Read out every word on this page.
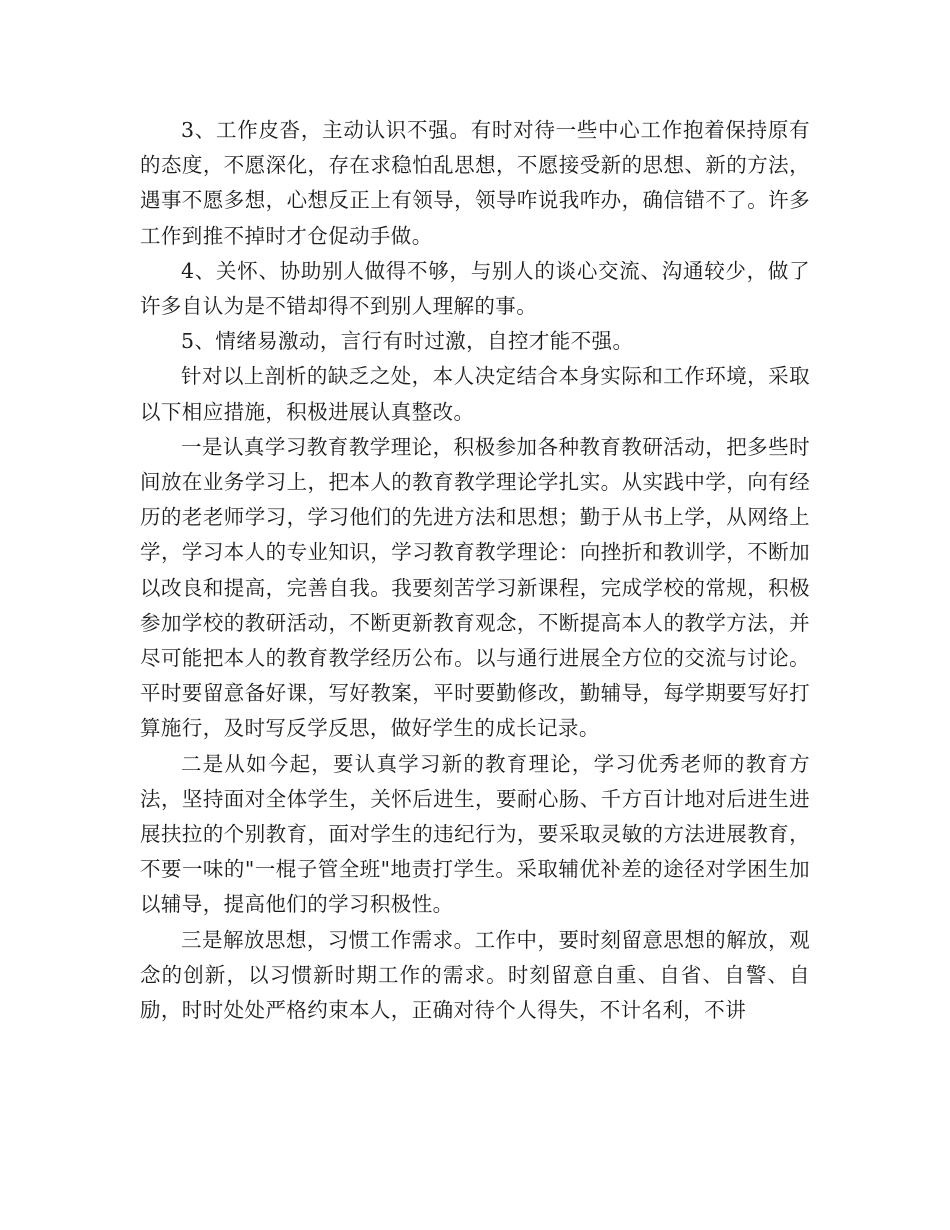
3、工作皮沓，主动认识不强。有时对待一些中心工作抱着保持原有的态度，不愿深化，存在求稳怕乱思想，不愿接受新的思想、新的方法，遇事不愿多想，心想反正上有领导，领导咋说我咋办，确信错不了。许多工作到推不掉时才仓促动手做。

4、关怀、协助别人做得不够，与别人的谈心交流、沟通较少，做了许多自认为是不错却得不到别人理解的事。

5、情绪易激动，言行有时过激，自控才能不强。

针对以上剖析的缺乏之处，本人决定结合本身实际和工作环境，采取以下相应措施，积极进展认真整改。

一是认真学习教育教学理论，积极参加各种教育教研活动，把多些时间放在业务学习上，把本人的教育教学理论学扎实。从实践中学，向有经历的老老师学习，学习他们的先进方法和思想；勤于从书上学，从网络上学，学习本人的专业知识，学习教育教学理论：向挫折和教训学，不断加以改良和提高，完善自我。我要刻苦学习新课程，完成学校的常规，积极参加学校的教研活动，不断更新教育观念，不断提高本人的教学方法，并尽可能把本人的教育教学经历公布。以与通行进展全方位的交流与讨论。平时要留意备好课，写好教案，平时要勤修改，勤辅导，每学期要写好打算施行，及时写反学反思，做好学生的成长记录。

二是从如今起，要认真学习新的教育理论，学习优秀老师的教育方法，坚持面对全体学生，关怀后进生，要耐心肠、千方百计地对后进生进展扶拉的个别教育，面对学生的违纪行为，要采取灵敏的方法进展教育，不要一味的"一棍子管全班"地责打学生。采取辅优补差的途径对学困生加以辅导，提高他们的学习积极性。

三是解放思想，习惯工作需求。工作中，要时刻留意思想的解放，观念的创新，以习惯新时期工作的需求。时刻留意自重、自省、自警、自励，时时处处严格约束本人，正确对待个人得失，不计名利，不讲
